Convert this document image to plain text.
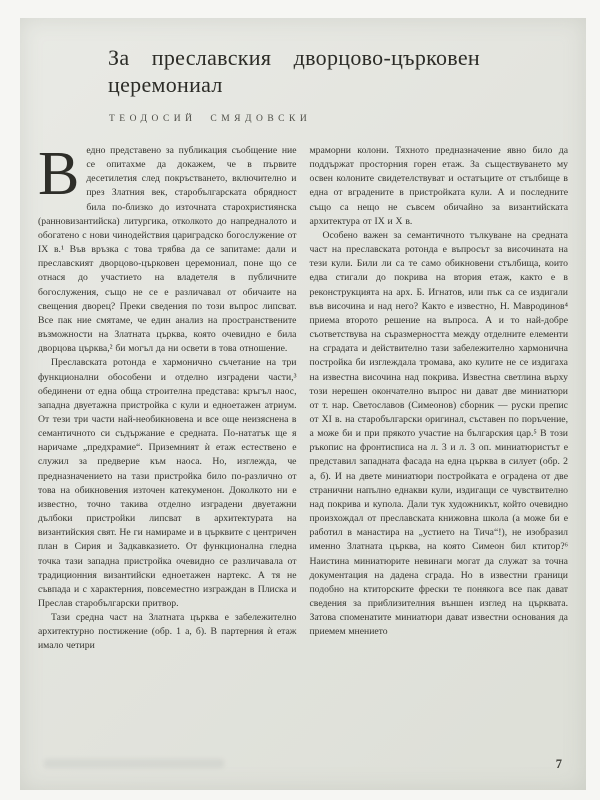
За преславския дворцово-църковен церемониал
ТЕОДОСИЙ СМЯДОВСКИ

Ведно представено за публикация съобщение ние се опитахме да докажем, че в първите десетилетия след покръстването, включително и през Златния век, старобългарската обрядност била по-близко до източната старохристиянска (ранновизантийска) литургика, отколкото до напредналото и обогатено с нови чинодействия цариградско богослужение от IX в.¹ Във връзка с това трябва да се запитаме: дали и преславският дворцово-църковен церемониал, поне що се отнася до участието на владетеля в публичните богослужения, също не се е различавал от обичаите на свещения дворец? Преки сведения по този въпрос липсват. Все пак ние смятаме, че един анализ на пространствените възможности на Златната църква, която очевидно е била дворцова църква,² би могъл да ни освети в това отношение.

Преславската ротонда е хармонично съчетание на три функционални обособени и отделно изградени части,³ обединени от една обща строителна представа: кръгъл наос, западна двуетажна пристройка с кули и едноетажен атриум. От тези три части най-необикновена и все още неизяснена в семантичното си съдържание е средната. По-нататък ще я наричаме „предхрамие“. Приземният ѝ етаж естествено е служил за предверие към наоса. Но, изглежда, че предназначението на тази пристройка било по-различно от това на обикновения източен катекуменон. Доколкото ни е известно, точно такива отделно изградени двуетажни дълбоки пристройки липсват в архитектурата на византийския свят. Не ги намираме и в църквите с центричен план в Сирия и Задкавказието. От функционална гледна точка тази западна пристройка очевидно се различавала от традиционния византийски едноетажен нартекс. А тя не съвпада и с характерния, повсеместно изграждан в Плиска и Преслав старобългарски притвор.

Тази средна част на Златната църква е забележително архитектурно постижение (обр. 1 а, б). В партерния ѝ етаж имало четири

мраморни колони. Тяхното предназначение явно било да поддържат просторния горен етаж. За съществуването му освен колоните свидетелствуват и остатъците от стълбище в една от вградените в пристройката кули. А и последните също са нещо не съвсем обичайно за византийската архитектура от IX и X в.

Особено важен за семантичното тълкуване на средната част на преславската ротонда е въпросът за височината на тези кули. Били ли са те само обикновени стълбища, които едва стигали до покрива на втория етаж, както е в реконструкцията на арх. Б. Игнатов, или пък са се издигали във височина и над него? Както е известно, Н. Мавродинов⁴ приема второто решение на въпроса. А и то най-добре съответствува на съразмерността между отделните елементи на сградата и действително тази забележително хармонична постройка би изглеждала тромава, ако кулите не се издигаха на известна височина над покрива. Известна светлина върху този нерешен окончателно въпрос ни дават две миниатюри от т. нар. Светославов (Симеонов) сборник — руски препис от XI в. на старобългарски оригинал, съставен по поръчение, а може би и при прякото участие на българския цар.⁵ В този ръкопис на фронтисписа на л. 3 и л. 3 оп. миниатюристът е представил западната фасада на една църква в силует (обр. 2 а, б). И на двете миниатюри постройката е оградена от две странични напълно еднакви кули, издигащи се чувствително над покрива и купола. Дали тук художникът, който очевидно произхождал от преславската книжовна школа (а може би е работил в манастира на „устието на Тича“!), не изобразил именно Златната църква, на която Симеон бил ктитор?⁶ Наистина миниатюрите невинаги могат да служат за точна документация на дадена сграда. Но в известни граници подобно на ктиторските фрески те понякога все пак дават сведения за приблизителния външен изглед на църквата. Затова споменатите миниатюри дават известни основания да приемем мнението

7
